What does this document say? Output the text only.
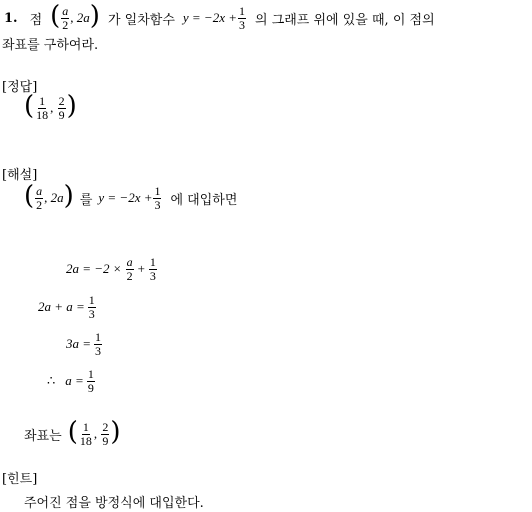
1. 점 ( $\frac{a}{2}$ , 2a ) 가 일차함수 $y = -2x + \frac{1}{3}$ 의 그래프 위에 있을 때, 이 점의
좌표를 구하여라.
[정답]
( $\frac{1}{18}$ , $\frac{2}{9}$ )
[해설]
( $\frac{a}{2}$ , 2a ) 를 $y = -2x + \frac{1}{3}$ 에 대입하면
$2a = -2 \times \frac{a}{2} + \frac{1}{3}$
$2a + a = \frac{1}{3}$
$3a = \frac{1}{3}$
∴ $a = \frac{1}{9}$
좌표는 ( $\frac{1}{18}$ , $\frac{2}{9}$ )
[힌트]
주어진 점을 방정식에 대입한다.
